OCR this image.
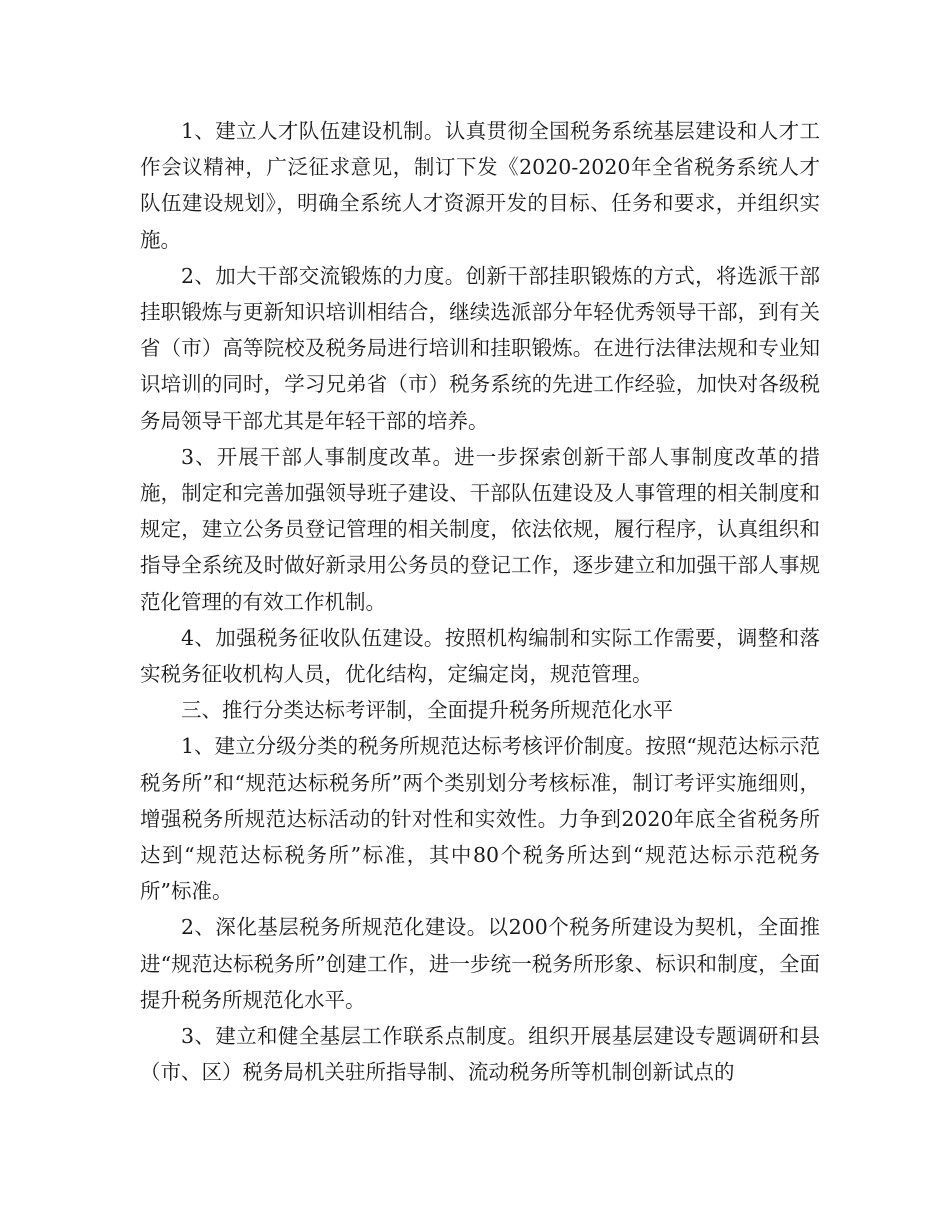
1、建立人才队伍建设机制。认真贯彻全国税务系统基层建设和人才工作会议精神，广泛征求意见，制订下发《2020-2020年全省税务系统人才队伍建设规划》，明确全系统人才资源开发的目标、任务和要求，并组织实施。

2、加大干部交流锻炼的力度。创新干部挂职锻炼的方式，将选派干部挂职锻炼与更新知识培训相结合，继续选派部分年轻优秀领导干部，到有关省（市）高等院校及税务局进行培训和挂职锻炼。在进行法律法规和专业知识培训的同时，学习兄弟省（市）税务系统的先进工作经验，加快对各级税务局领导干部尤其是年轻干部的培养。

3、开展干部人事制度改革。进一步探索创新干部人事制度改革的措施，制定和完善加强领导班子建设、干部队伍建设及人事管理的相关制度和规定，建立公务员登记管理的相关制度，依法依规，履行程序，认真组织和指导全系统及时做好新录用公务员的登记工作，逐步建立和加强干部人事规范化管理的有效工作机制。

4、加强税务征收队伍建设。按照机构编制和实际工作需要，调整和落实税务征收机构人员，优化结构，定编定岗，规范管理。

三、推行分类达标考评制，全面提升税务所规范化水平

1、建立分级分类的税务所规范达标考核评价制度。按照“规范达标示范税务所”和“规范达标税务所”两个类别划分考核标准，制订考评实施细则，增强税务所规范达标活动的针对性和实效性。力争到2020年底全省税务所达到“规范达标税务所”标准，其中80个税务所达到“规范达标示范税务所”标准。

2、深化基层税务所规范化建设。以200个税务所建设为契机，全面推进“规范达标税务所”创建工作，进一步统一税务所形象、标识和制度，全面提升税务所规范化水平。

3、建立和健全基层工作联系点制度。组织开展基层建设专题调研和县（市、区）税务局机关驻所指导制、流动税务所等机制创新试点的
